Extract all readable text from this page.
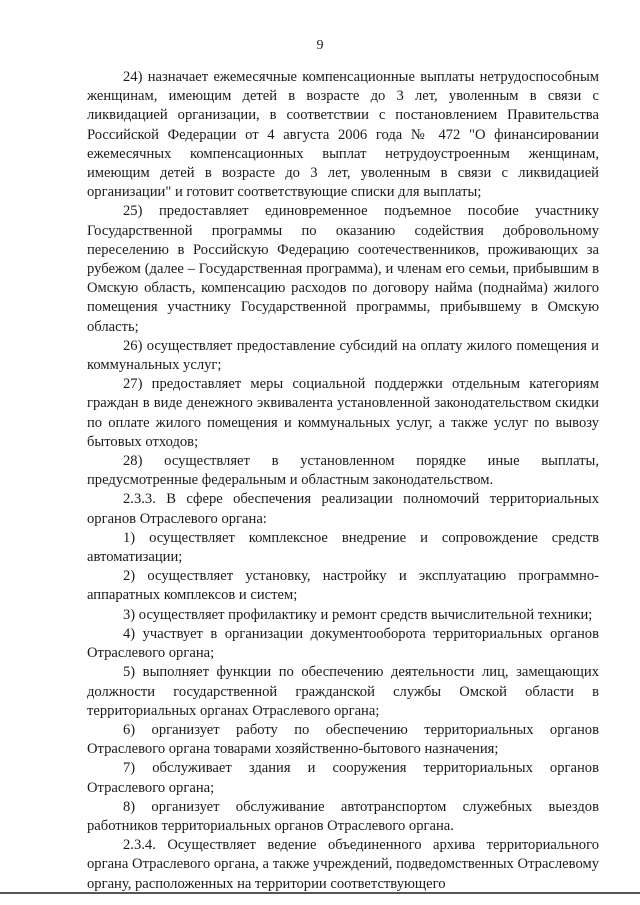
9

24) назначает ежемесячные компенсационные выплаты нетрудоспособным женщинам, имеющим детей в возрасте до 3 лет, уволенным в связи с ликвидацией организации, в соответствии с постановлением Правительства Российской Федерации от 4 августа 2006 года № 472 "О финансировании ежемесячных компенсационных выплат нетрудоустроенным женщинам, имеющим детей в возрасте до 3 лет, уволенным в связи с ликвидацией организации" и готовит соответствующие списки для выплаты;

25) предоставляет единовременное подъемное пособие участнику Государственной программы по оказанию содействия добровольному переселению в Российскую Федерацию соотечественников, проживающих за рубежом (далее – Государственная программа), и членам его семьи, прибывшим в Омскую область, компенсацию расходов по договору найма (поднайма) жилого помещения участнику Государственной программы, прибывшему в Омскую область;

26) осуществляет предоставление субсидий на оплату жилого помещения и коммунальных услуг;

27) предоставляет меры социальной поддержки отдельным категориям граждан в виде денежного эквивалента установленной законодательством скидки по оплате жилого помещения и коммунальных услуг, а также услуг по вывозу бытовых отходов;

28) осуществляет в установленном порядке иные выплаты, предусмотренные федеральным и областным законодательством.

2.3.3. В сфере обеспечения реализации полномочий территориальных органов Отраслевого органа:

1) осуществляет комплексное внедрение и сопровождение средств автоматизации;

2) осуществляет установку, настройку и эксплуатацию программно-аппаратных комплексов и систем;

3) осуществляет профилактику и ремонт средств вычислительной техники;

4) участвует в организации документооборота территориальных органов Отраслевого органа;

5) выполняет функции по обеспечению деятельности лиц, замещающих должности государственной гражданской службы Омской области в территориальных органах Отраслевого органа;

6) организует работу по обеспечению территориальных органов Отраслевого органа товарами хозяйственно-бытового назначения;

7) обслуживает здания и сооружения территориальных органов Отраслевого органа;

8) организует обслуживание автотранспортом служебных выездов работников территориальных органов Отраслевого органа.

2.3.4. Осуществляет ведение объединенного архива территориального органа Отраслевого органа, а также учреждений, подведомственных Отраслевому органу, расположенных на территории соответствующего
